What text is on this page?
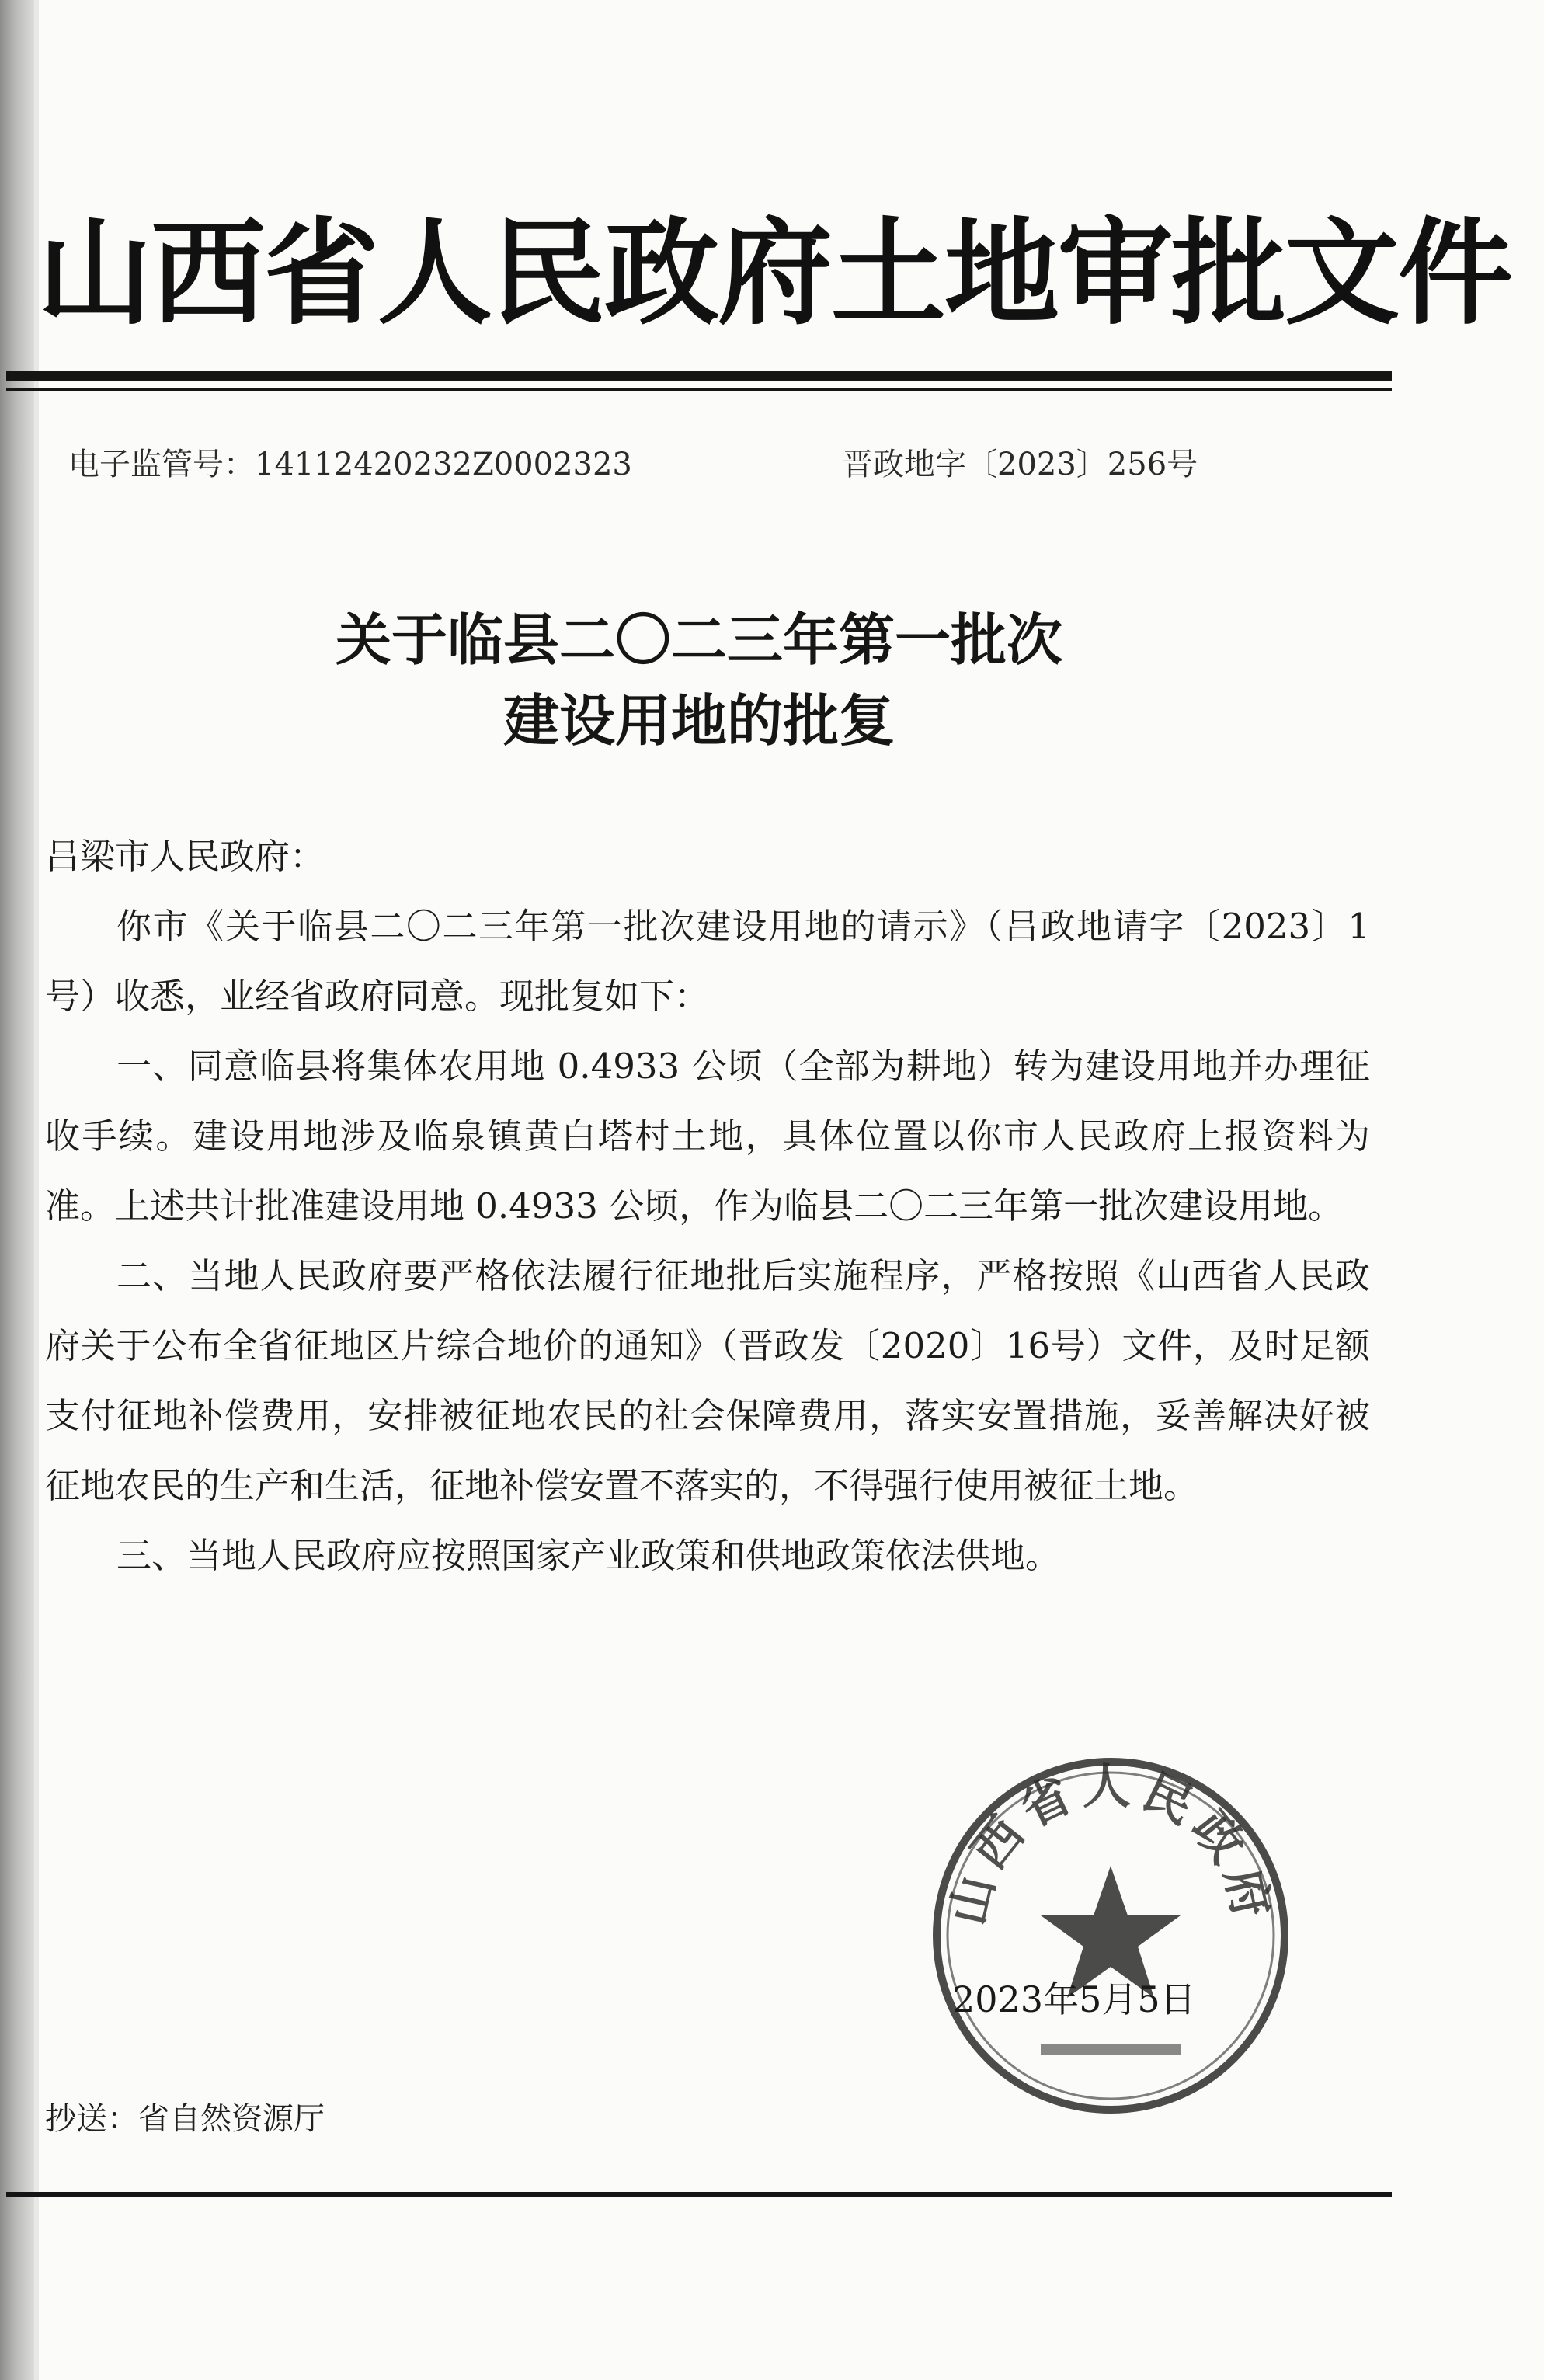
山西省人民政府土地审批文件
电子监管号：14112420232Z0002323	晋政地字〔2023〕256号
关于临县二〇二三年第一批次
建设用地的批复

吕梁市人民政府：

你市《关于临县二〇二三年第一批次建设用地的请示》（吕政地请字〔2023〕1号）收悉，业经省政府同意。现批复如下：

一、同意临县将集体农用地 0.4933 公顷（全部为耕地）转为建设用地并办理征收手续。建设用地涉及临泉镇黄白塔村土地，具体位置以你市人民政府上报资料为准。上述共计批准建设用地 0.4933 公顷，作为临县二〇二三年第一批次建设用地。

二、当地人民政府要严格依法履行征地批后实施程序，严格按照《山西省人民政府关于公布全省征地区片综合地价的通知》（晋政发〔2020〕16号）文件，及时足额支付征地补偿费用，安排被征地农民的社会保障费用，落实安置措施，妥善解决好被征地农民的生产和生活，征地补偿安置不落实的，不得强行使用被征土地。

三、当地人民政府应按照国家产业政策和供地政策依法供地。

山西省人民政府
2023年5月5日
抄送：省自然资源厅
